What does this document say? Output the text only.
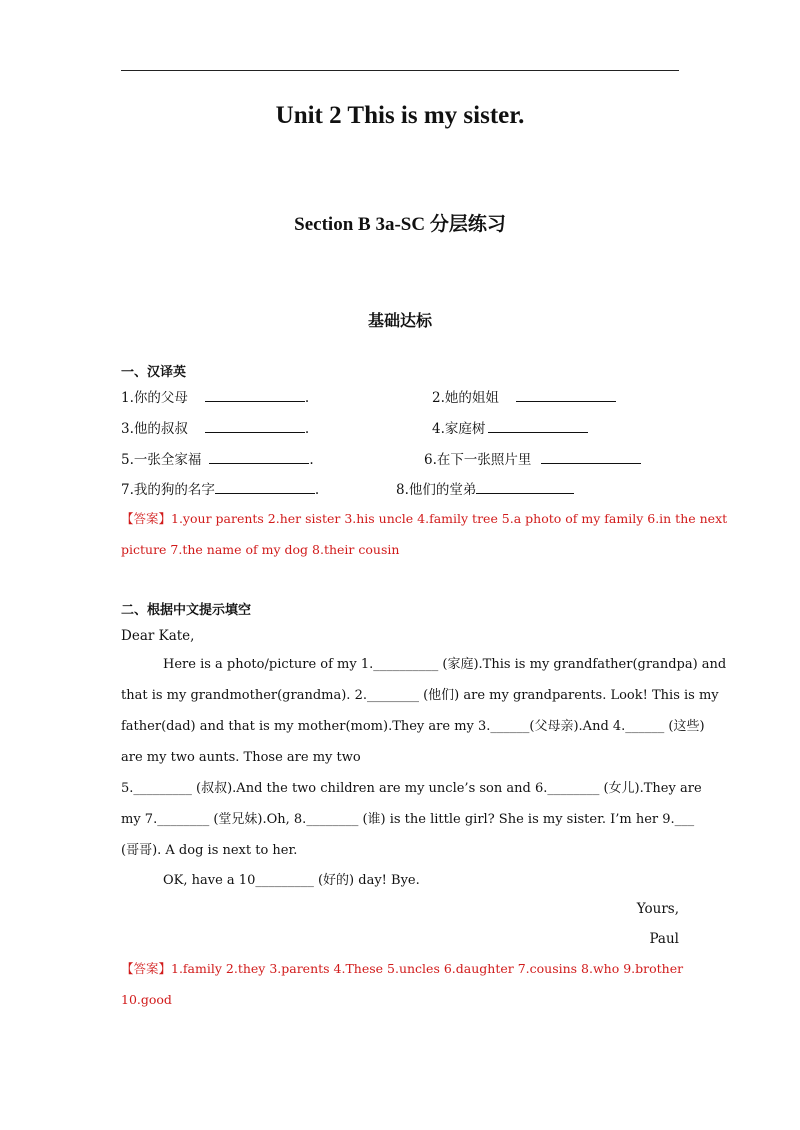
Unit 2 This is my sister.
Section B 3a-SC 分层练习
基础达标
一、汉译英
1.你的父母	.	2.她的姐姐
3.他的叔叔	.	4.家庭树
5.一张全家福	.	6.在下一张照片里
7.我的狗的名字	.	8.他们的堂弟
【答案】1.your parents 2.her sister 3.his uncle 4.family tree 5.a photo of my family 6.in the next
picture 7.the name of my dog 8.their cousin
二、根据中文提示填空
Dear Kate,
Here is a photo/picture of my 1.__________ (家庭).This is my grandfather(grandpa) and
that is my grandmother(grandma). 2.________ (他们) are my grandparents. Look! This is my
father(dad) and that is my mother(mom).They are my 3.______(父母亲).And 4.______ (这些)
are my two aunts. Those are my two
5._________ (叔叔).And the two children are my uncle’s son and 6.________ (女儿).They are
my 7.________ (堂兄妹).Oh, 8.________ (谁) is the little girl? She is my sister. I’m her 9.___
(哥哥). A dog is next to her.
OK, have a 10_________ (好的) day! Bye.
Yours,
Paul
【答案】1.family 2.they 3.parents 4.These 5.uncles 6.daughter 7.cousins 8.who 9.brother
10.good
